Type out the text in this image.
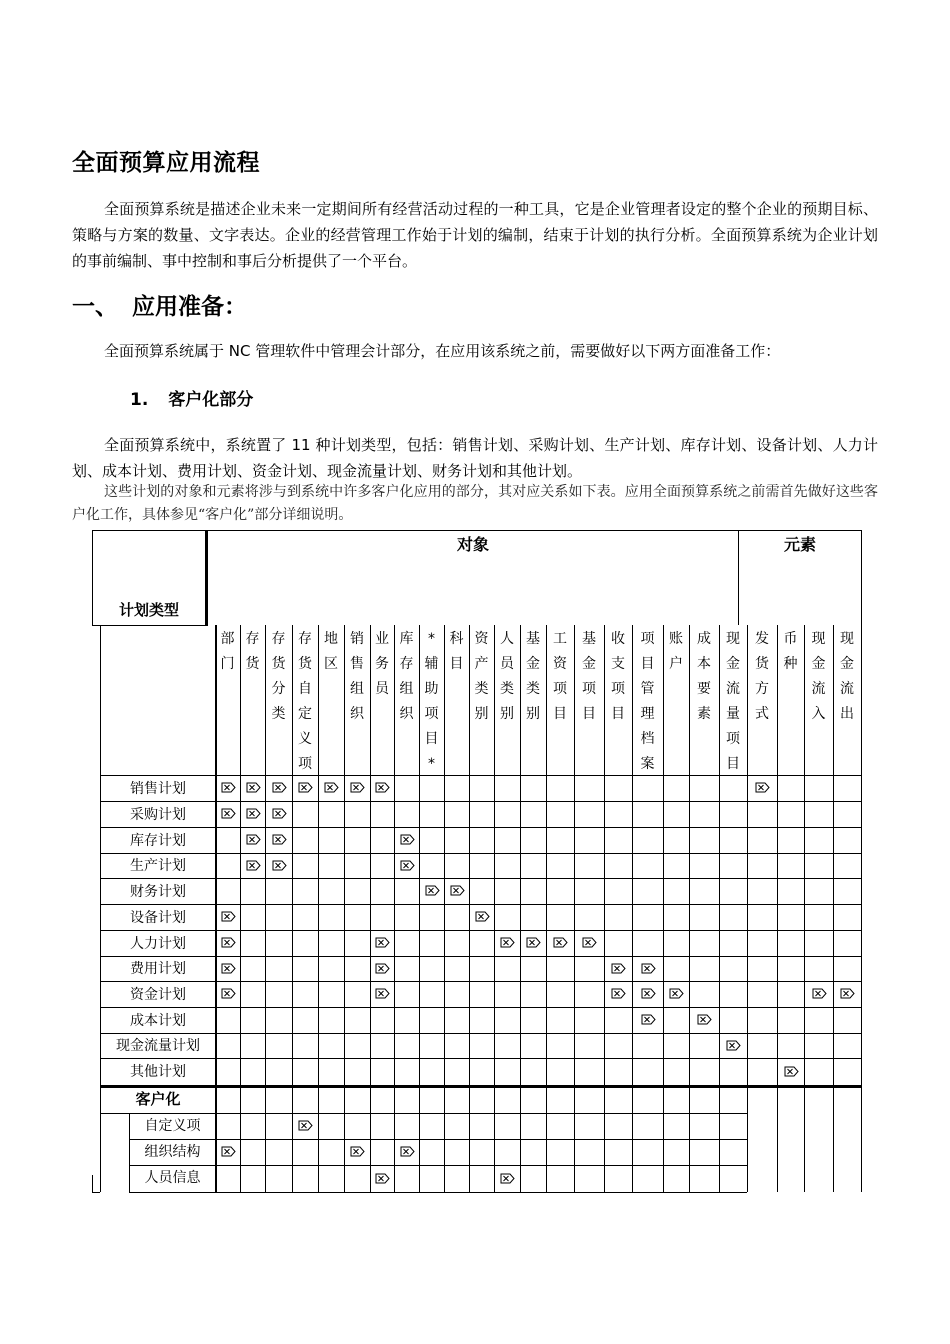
全面预算应用流程

全面预算系统是描述企业未来一定期间所有经营活动过程的一种工具，它是企业管理者设定的整个企业的预期目标、策略与方案的数量、文字表达。企业的经营管理工作始于计划的编制，结束于计划的执行分析。全面预算系统为企业计划的事前编制、事中控制和事后分析提供了一个平台。

一、 应用准备：

全面预算系统属于 NC 管理软件中管理会计部分，在应用该系统之前，需要做好以下两方面准备工作：

1. 客户化部分

全面预算系统中，系统置了 11 种计划类型，包括：销售计划、采购计划、生产计划、库存计划、设备计划、人力计划、成本计划、费用计划、资金计划、现金流量计划、财务计划和其他计划。

这些计划的对象和元素将涉与到系统中许多客户化应用的部分，其对应关系如下表。应用全面预算系统之前需首先做好这些客户化工作，具体参见“客户化”部分详细说明。

计划类型
对象	元素
部
门
存
货
存
货
分
类
存
货
自
定
义
项
地
区
销
售
组
织
业
务
员
库
存
组
织
*
辅
助
项
目
*
科
目
资
产
类
别
人
员
类
别
基
金
类
别
工
资
项
目
基
金
项
目
收
支
项
目
项
目
管
理
档
案
账
户
成
本
要
素
现
金
流
量
项
目
发
货
方
式
币
种
现
金
流
入
现
金
流
出
销售计划
采购计划
库存计划
生产计划
财务计划
设备计划
人力计划
费用计划
资金计划
成本计划
现金流量计划
其他计划
客户化
自定义项
组织结构
人员信息
